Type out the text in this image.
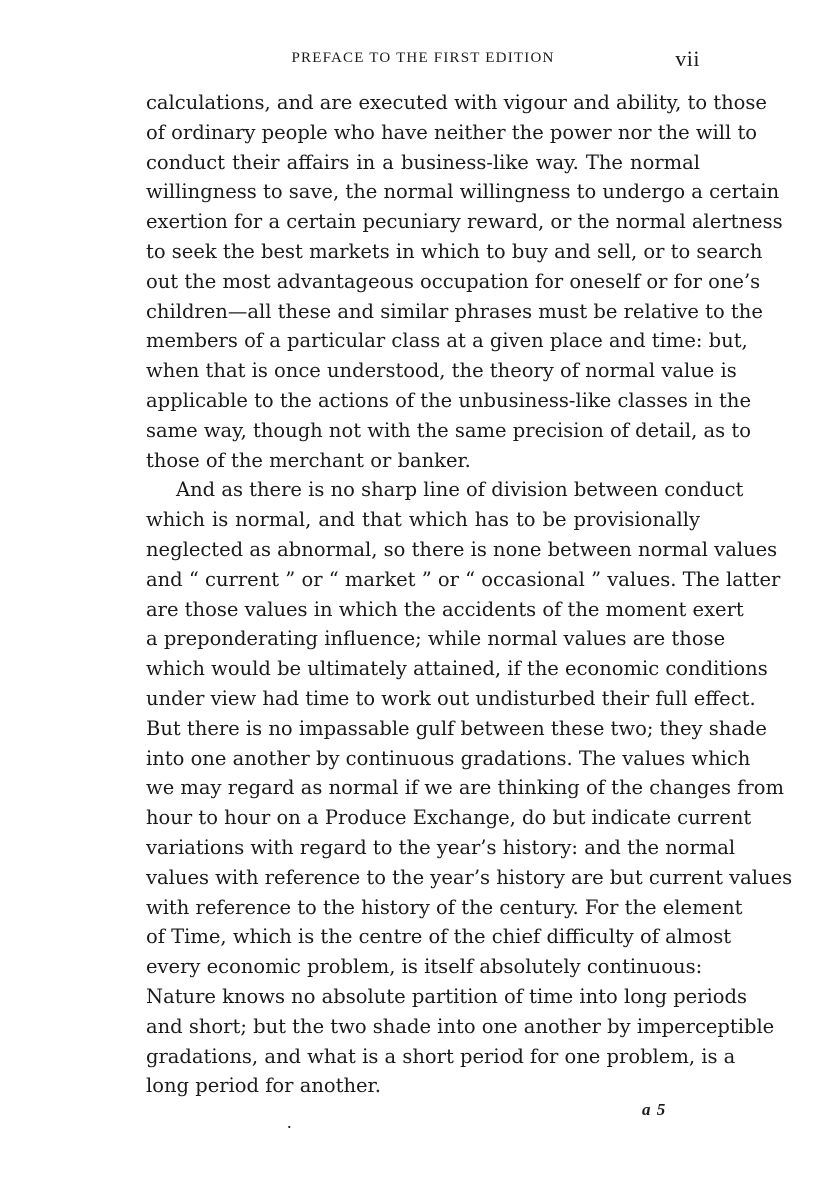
PREFACE TO THE FIRST EDITION	vii
calculations, and are executed with vigour and ability, to those
of ordinary people who have neither the power nor the will to
conduct their affairs in a business-like way. The normal
willingness to save, the normal willingness to undergo a certain
exertion for a certain pecuniary reward, or the normal alertness
to seek the best markets in which to buy and sell, or to search
out the most advantageous occupation for oneself or for one’s
children—all these and similar phrases must be relative to the
members of a particular class at a given place and time: but,
when that is once understood, the theory of normal value is
applicable to the actions of the unbusiness-like classes in the
same way, though not with the same precision of detail, as to
those of the merchant or banker.
And as there is no sharp line of division between conduct
which is normal, and that which has to be provisionally
neglected as abnormal, so there is none between normal values
and “ current ” or “ market ” or “ occasional ” values. The latter
are those values in which the accidents of the moment exert
a preponderating influence; while normal values are those
which would be ultimately attained, if the economic conditions
under view had time to work out undisturbed their full effect.
But there is no impassable gulf between these two; they shade
into one another by continuous gradations. The values which
we may regard as normal if we are thinking of the changes from
hour to hour on a Produce Exchange, do but indicate current
variations with regard to the year’s history: and the normal
values with reference to the year’s history are but current values
with reference to the history of the century. For the element
of Time, which is the centre of the chief difficulty of almost
every economic problem, is itself absolutely continuous:
Nature knows no absolute partition of time into long periods
and short; but the two shade into one another by imperceptible
gradations, and what is a short period for one problem, is a
long period for another.
.
a 5
